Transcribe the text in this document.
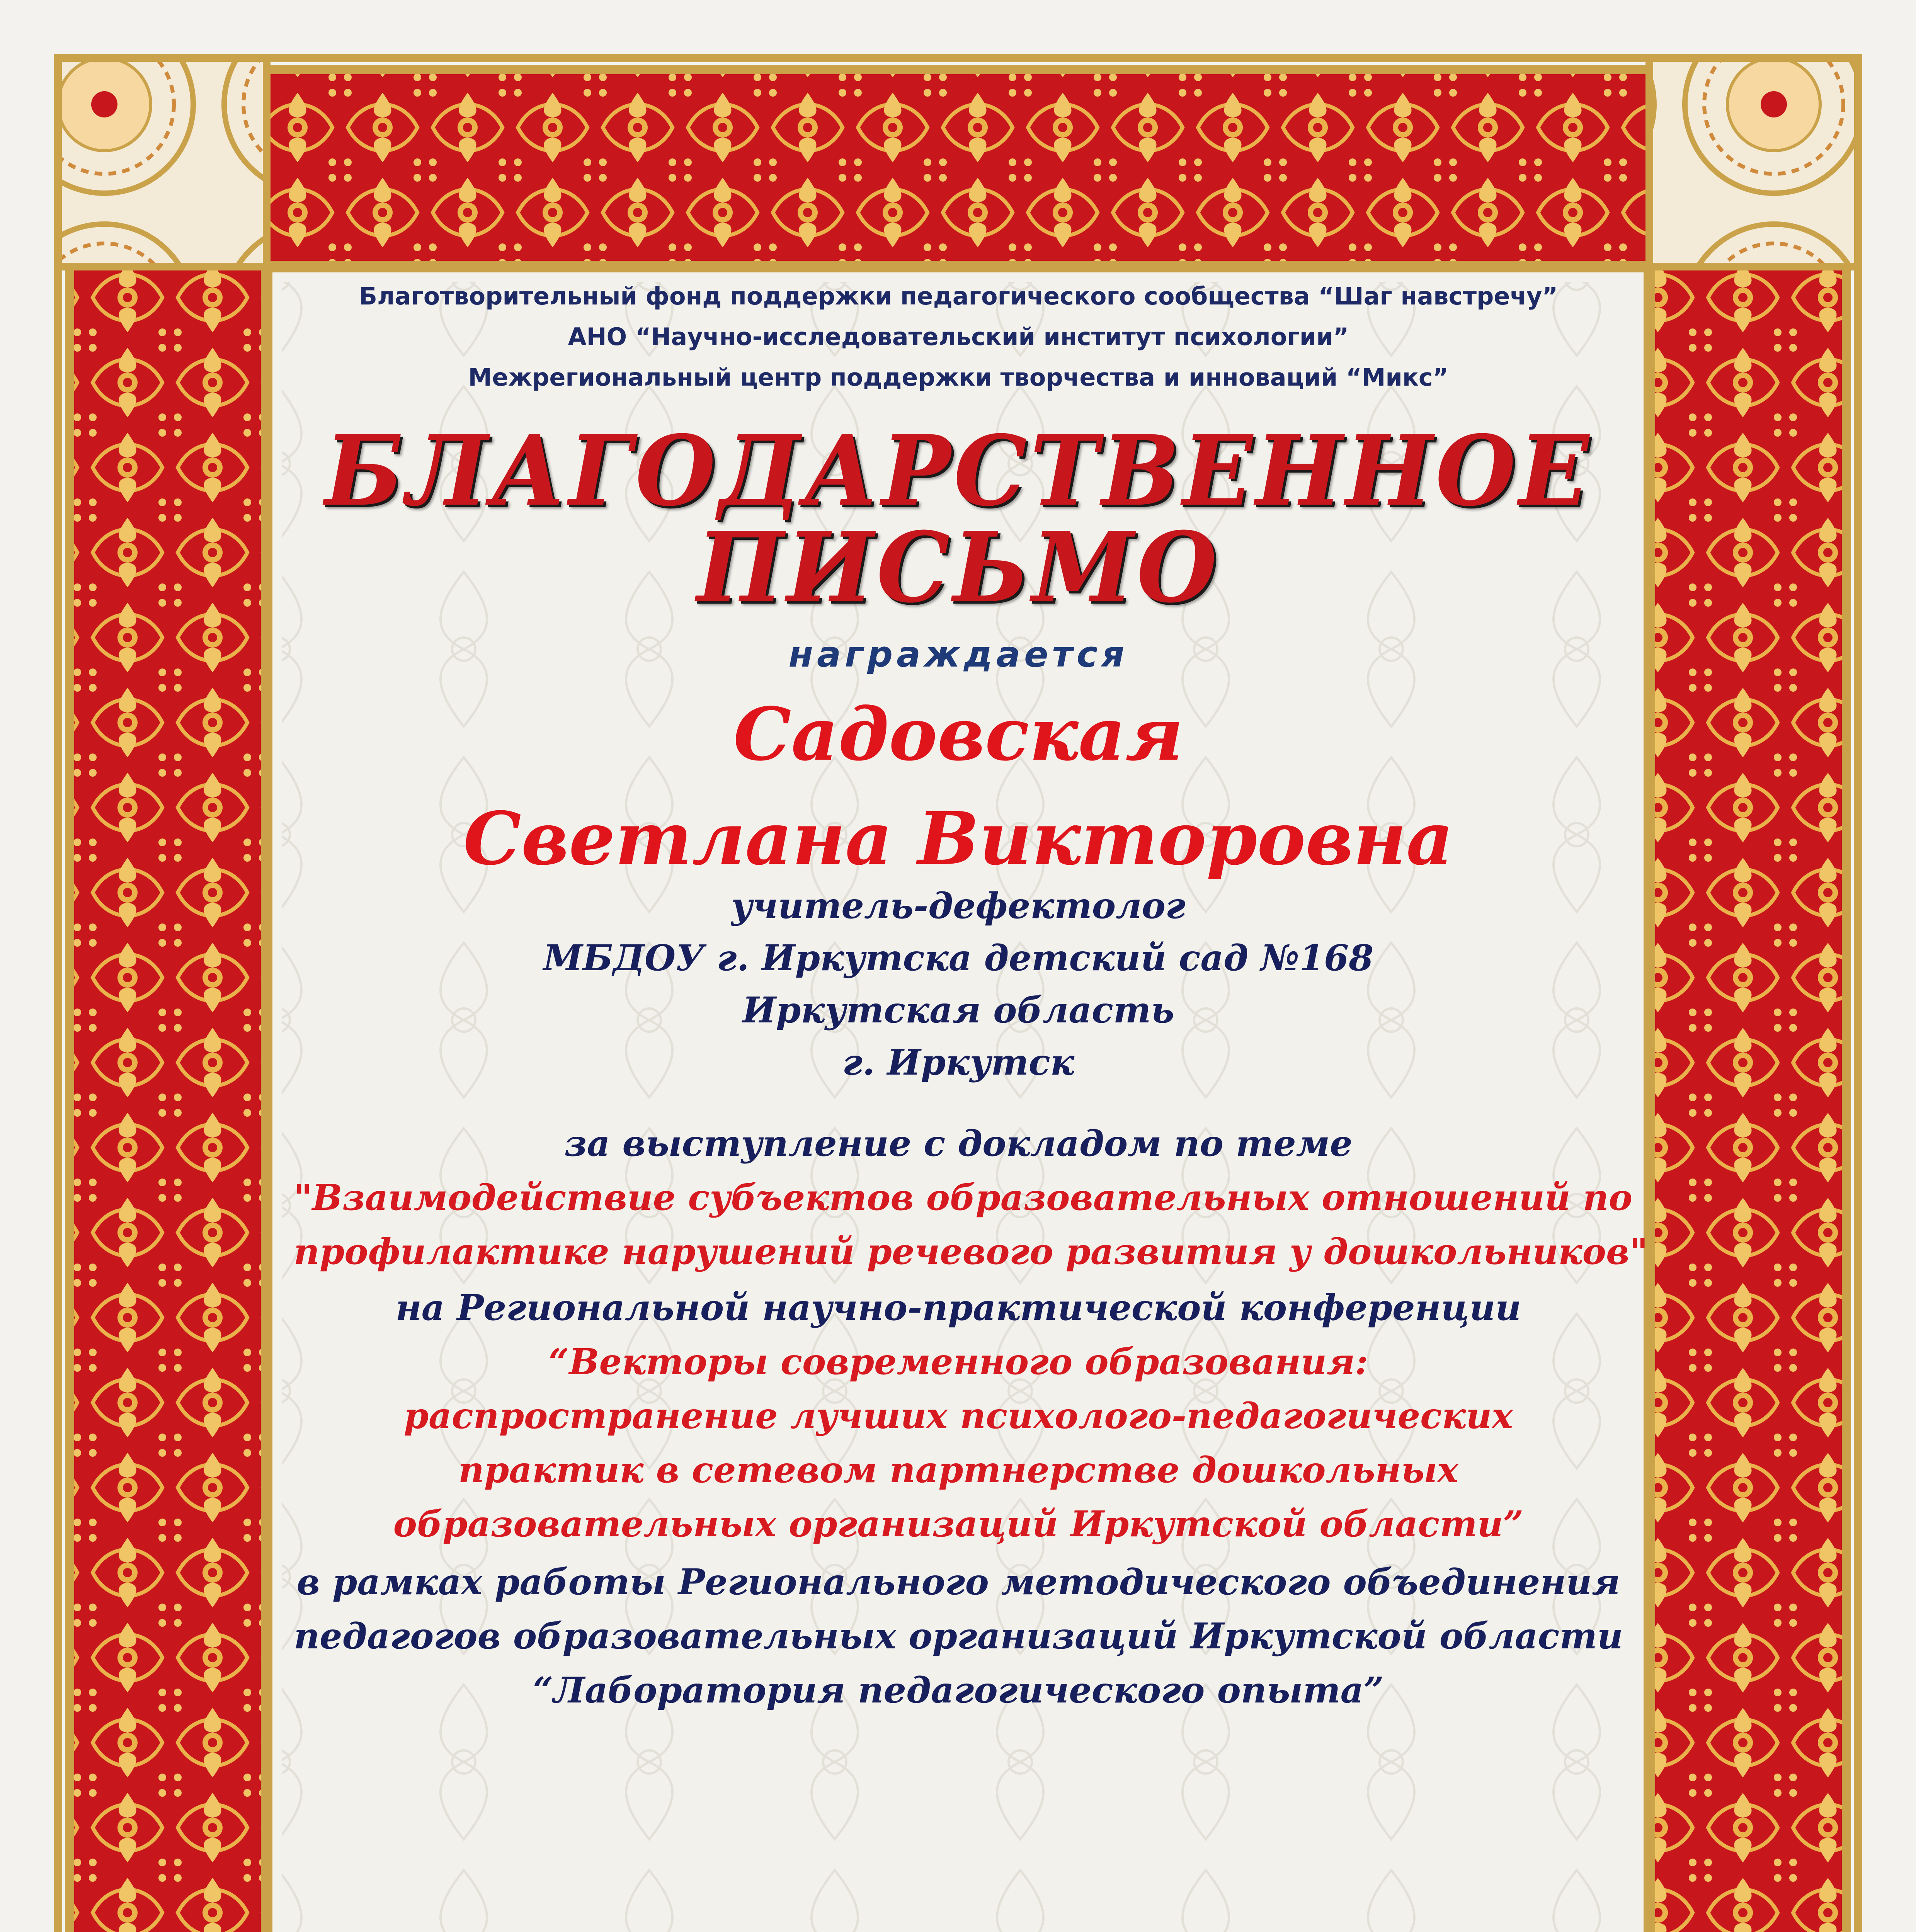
Благотворительный фонд поддержки педагогического сообщества “Шаг навстречу”
АНО “Научно-исследовательский институт психологии”
Межрегиональный центр поддержки творчества и инноваций “Микс”
БЛАГОДАРСТВЕННОЕ
ПИСЬМО
награждается
Садовская
Светлана Викторовна
учитель-дефектолог
МБДОУ г. Иркутска детский сад №168
Иркутская область
г. Иркутск
за выступление с докладом по теме
"Взаимодействие субъектов образовательных отношений по
профилактике нарушений речевого развития у дошкольников"
на Региональной научно-практической конференции
“Векторы современного образования:
распространение лучших психолого-педагогических
практик в сетевом партнерстве дошкольных
образовательных организаций Иркутской области”
в рамках работы Регионального методического объединения
педагогов образовательных организаций Иркутской области
“Лаборатория педагогического опыта”
